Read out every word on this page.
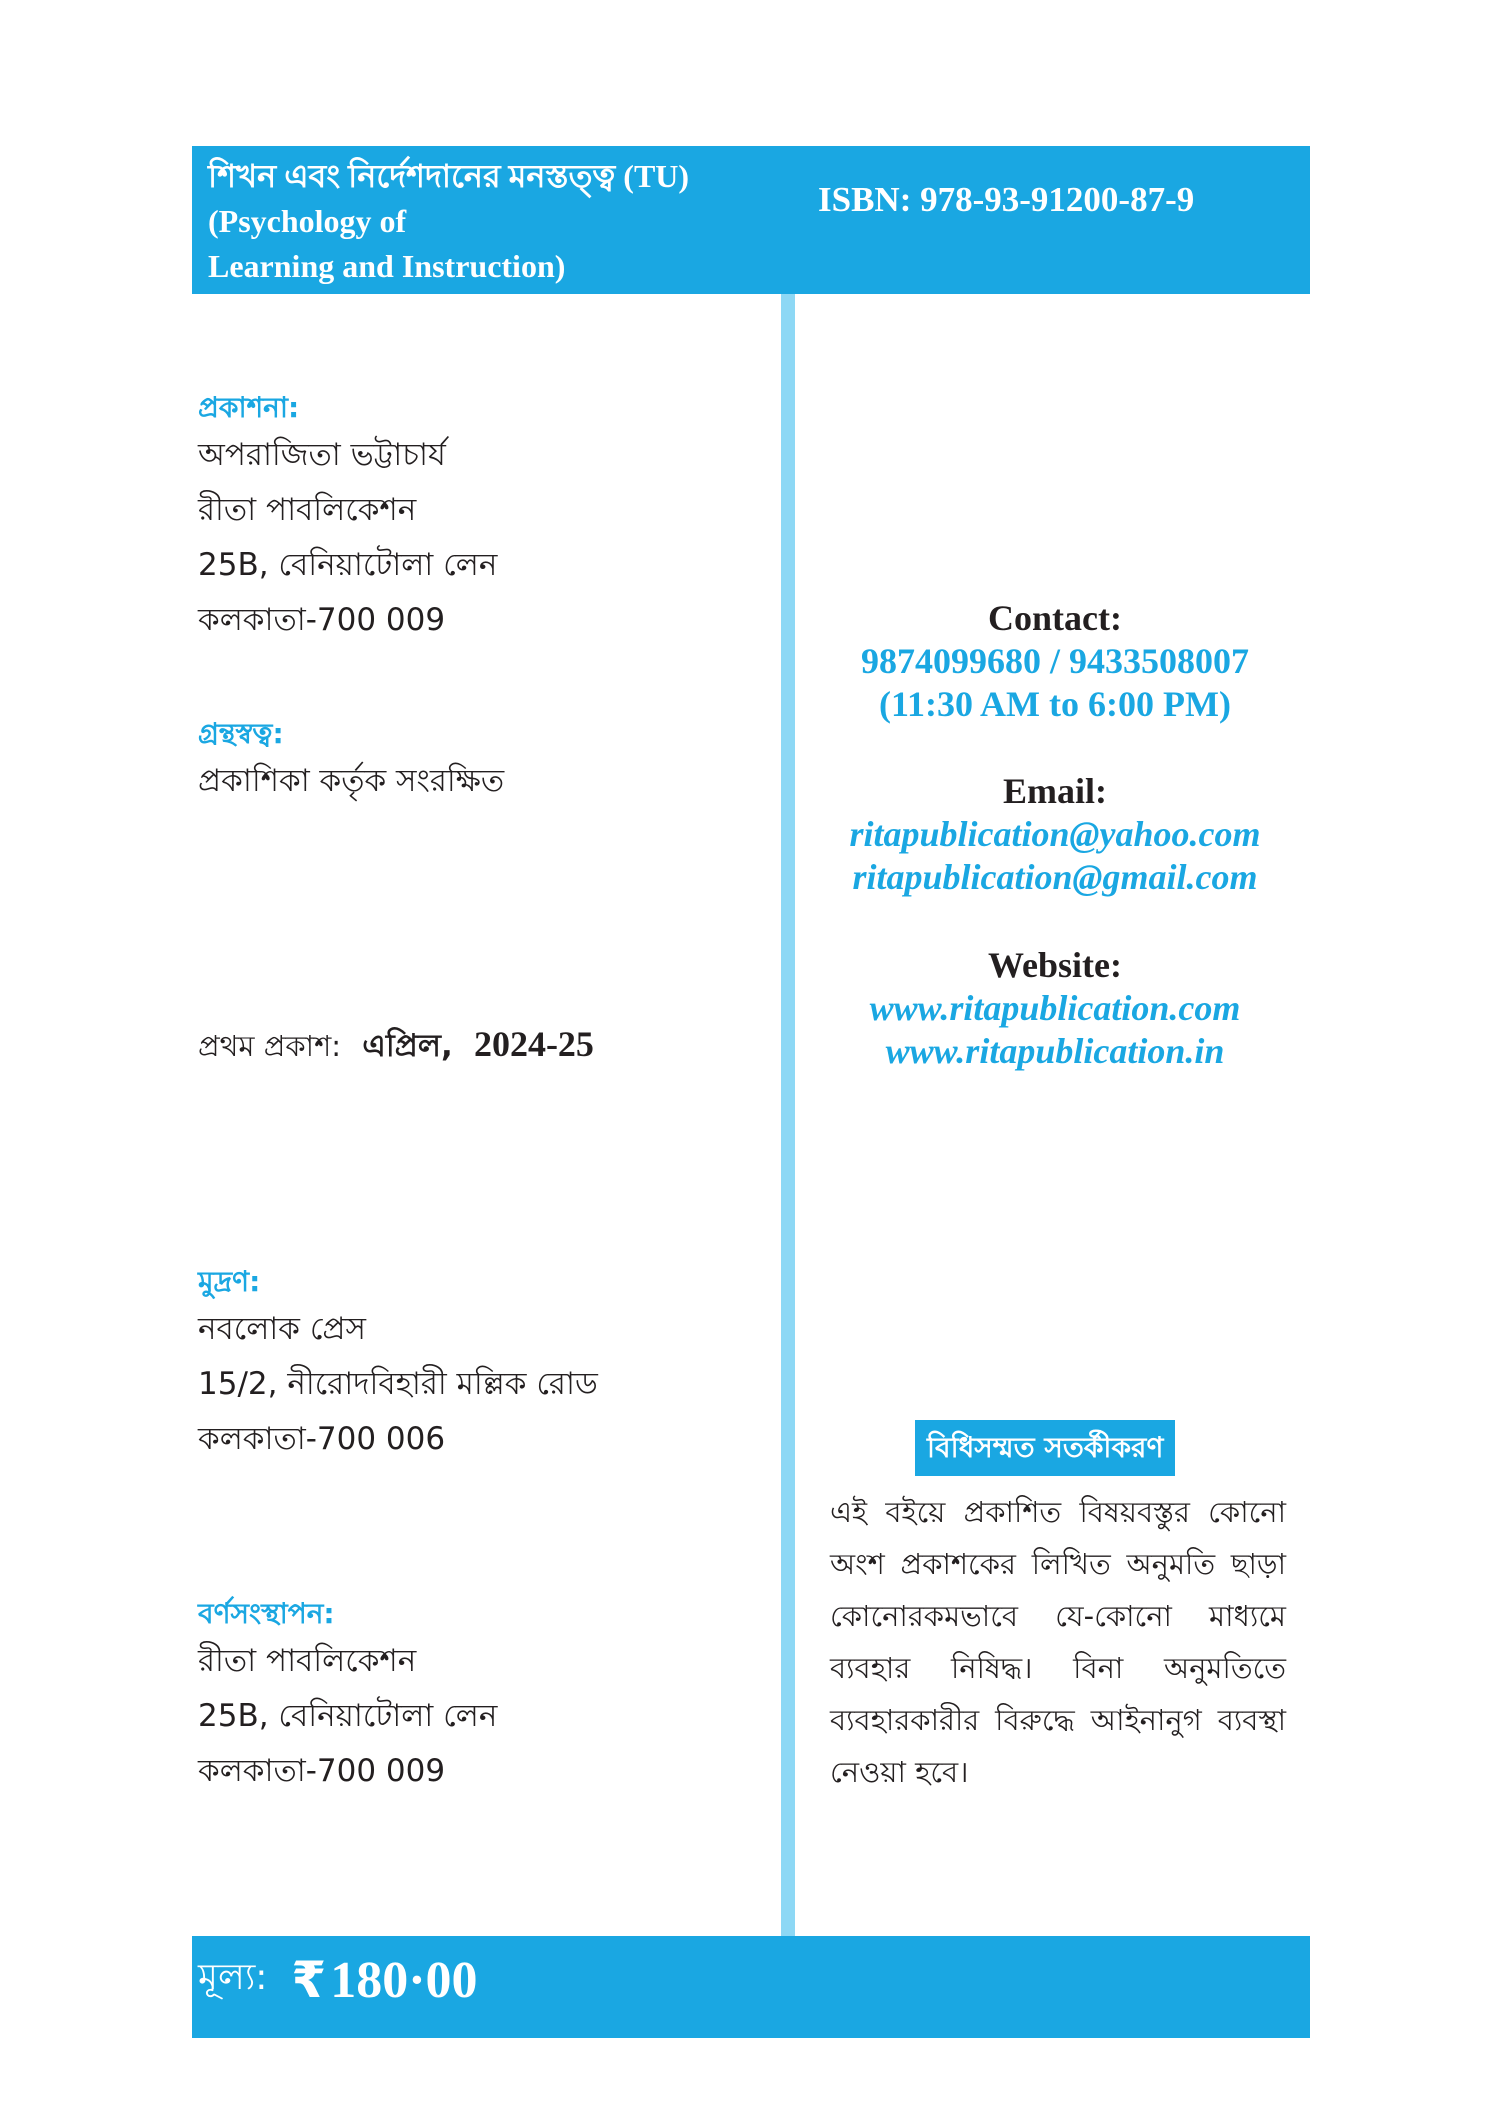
শিখন এবং নির্দেশদানের মনস্তত্ত্ব (TU)
(Psychology of
Learning and Instruction)
ISBN: 978-93-91200-87-9
প্রকাশনা:
অপরাজিতা ভট্টাচার্য
রীতা পাবলিকেশন
25B, বেনিয়াটোলা লেন
কলকাতা-700 009
গ্রন্থস্বত্ব:
প্রকাশিকা কর্তৃক সংরক্ষিত
প্রথম প্রকাশ: এপ্রিল, 2024-25
মুদ্রণ:
নবলোক প্রেস
15/2, নীরোদবিহারী মল্লিক রোড
কলকাতা-700 006
বর্ণসংস্থাপন:
রীতা পাবলিকেশন
25B, বেনিয়াটোলা লেন
কলকাতা-700 009
Contact:
9874099680 / 9433508007
(11:30 AM to 6:00 PM)
Email:
ritapublication@yahoo.com
ritapublication@gmail.com
Website:
www.ritapublication.com
www.ritapublication.in
বিধিসম্মত সতর্কীকরণ
এই বইয়ে প্রকাশিত বিষয়বস্তুর কোনো অংশ প্রকাশকের লিখিত অনুমতি ছাড়া কোনোরকমভাবে যে-কোনো মাধ্যমে ব্যবহার নিষিদ্ধ। বিনা অনুমতিতে ব্যবহারকারীর বিরুদ্ধে আইনানুগ ব্যবস্থা নেওয়া হবে।
মূল্য: ₹ 180·00
